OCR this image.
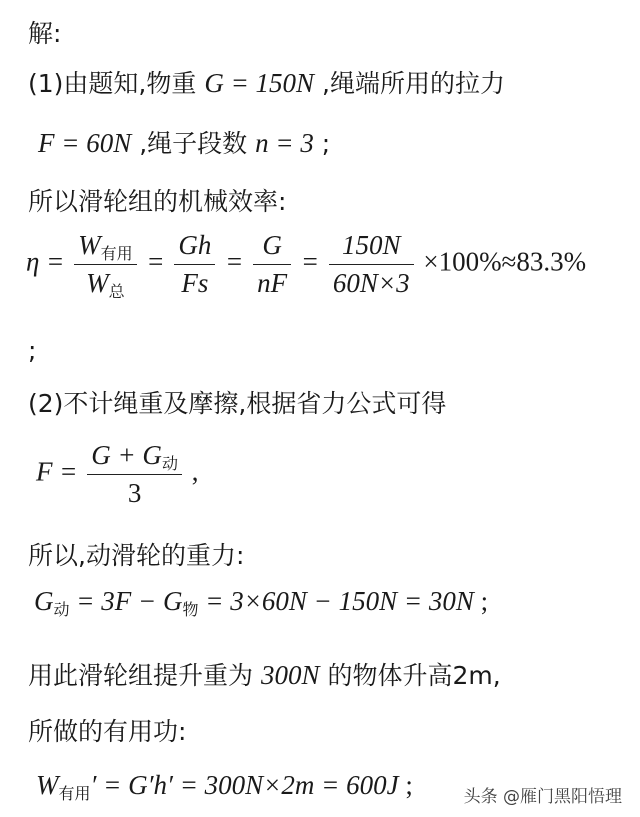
解:
(1)由题知,物重 G = 150N ,绳端所用的拉力
F = 60N ,绳子段数 n = 3 ;
所以滑轮组的机械效率:
$\eta = \frac{\text{W有用}}{\text{W总}} = \frac{Gh}{Fs} = \frac{G}{nF} = \frac{150N}{60N\times 3} \times 100\%\approx 83.3\%$
;
(2)不计绳重及摩擦,根据省力公式可得
$F = \frac{\text{G + G动}}{3}$ ,
所以,动滑轮的重力:
G动 = 3F − G物 = 3×60N − 150N = 30N ;
用此滑轮组提升重为 300N 的物体升高2m,
所做的有用功:
W有用′ = G′h′ = 300N×2m = 600J ;	头条 @雁门黑阳悟理
